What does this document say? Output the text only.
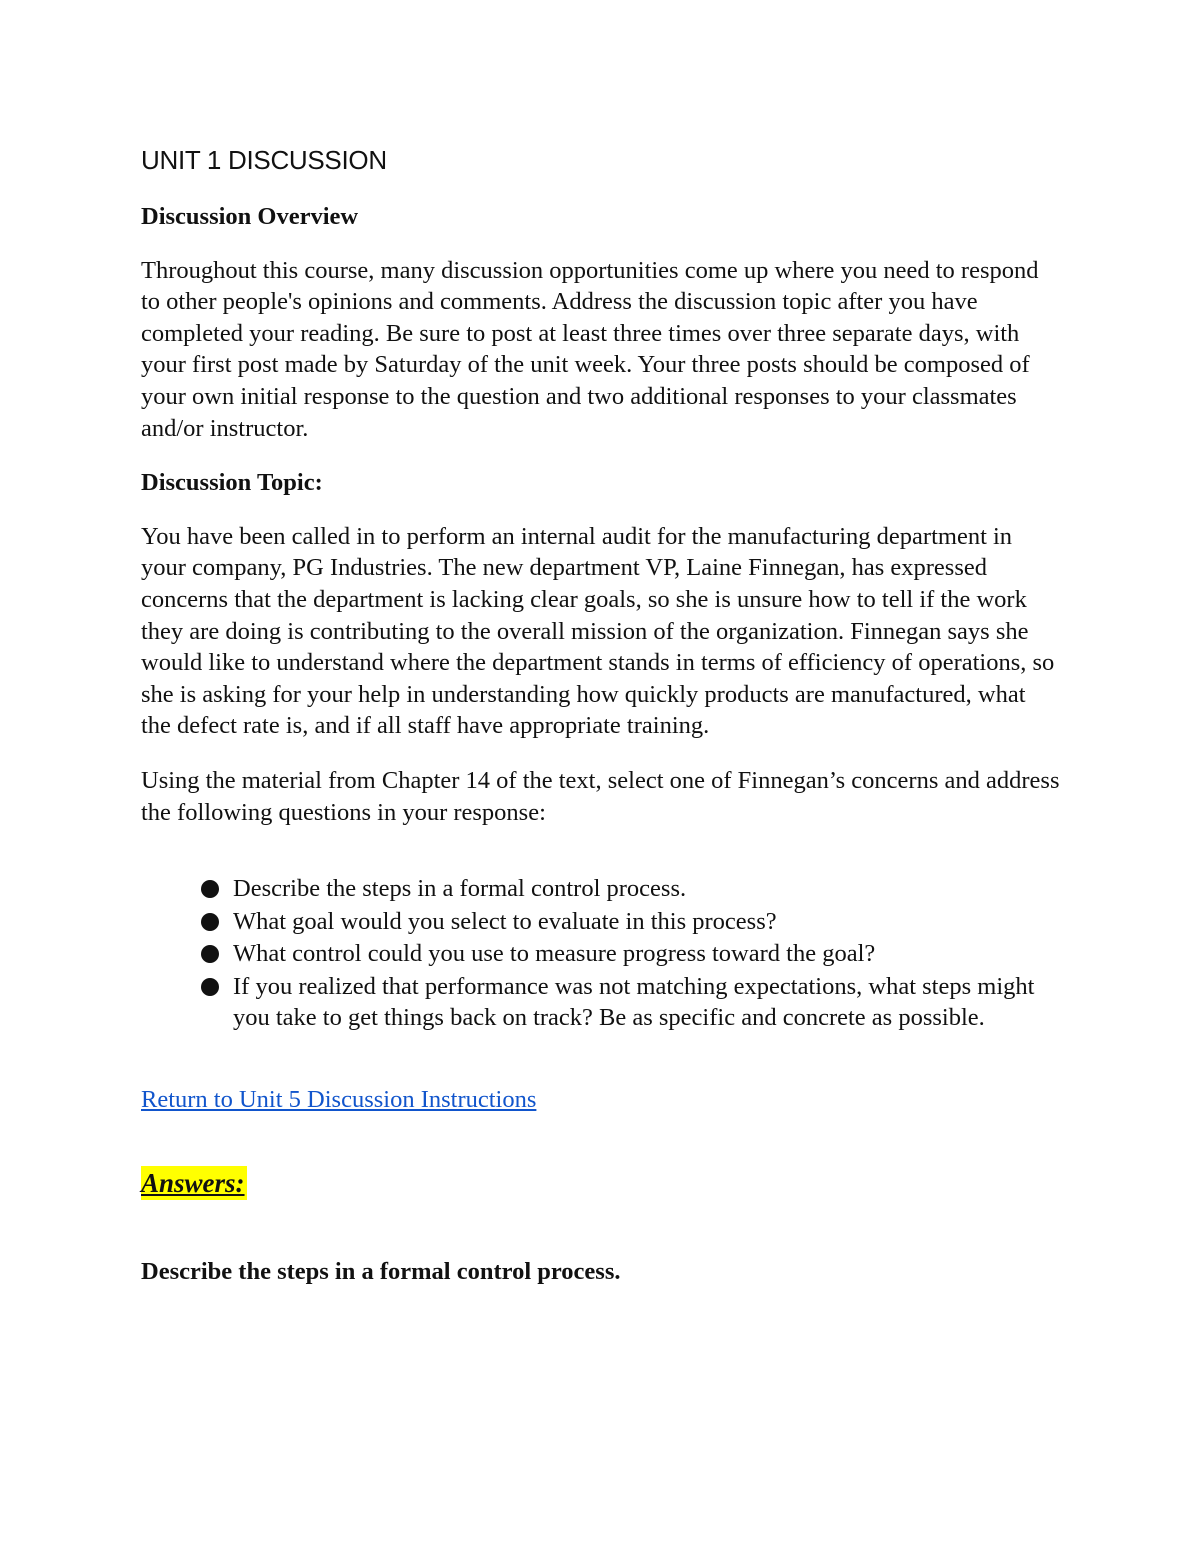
UNIT 1 DISCUSSION
Discussion Overview
Throughout this course, many discussion opportunities come up where you need to respond to other people's opinions and comments. Address the discussion topic after you have completed your reading. Be sure to post at least three times over three separate days, with your first post made by Saturday of the unit week. Your three posts should be composed of your own initial response to the question and two additional responses to your classmates and/or instructor.
Discussion Topic:
You have been called in to perform an internal audit for the manufacturing department in your company, PG Industries. The new department VP, Laine Finnegan, has expressed concerns that the department is lacking clear goals, so she is unsure how to tell if the work they are doing is contributing to the overall mission of the organization. Finnegan says she would like to understand where the department stands in terms of efficiency of operations, so she is asking for your help in understanding how quickly products are manufactured, what the defect rate is, and if all staff have appropriate training.
Using the material from Chapter 14 of the text, select one of Finnegan’s concerns and address the following questions in your response:
Describe the steps in a formal control process.
What goal would you select to evaluate in this process?
What control could you use to measure progress toward the goal?
If you realized that performance was not matching expectations, what steps might you take to get things back on track? Be as specific and concrete as possible.
Return to Unit 5 Discussion Instructions
Answers:
Describe the steps in a formal control process.
